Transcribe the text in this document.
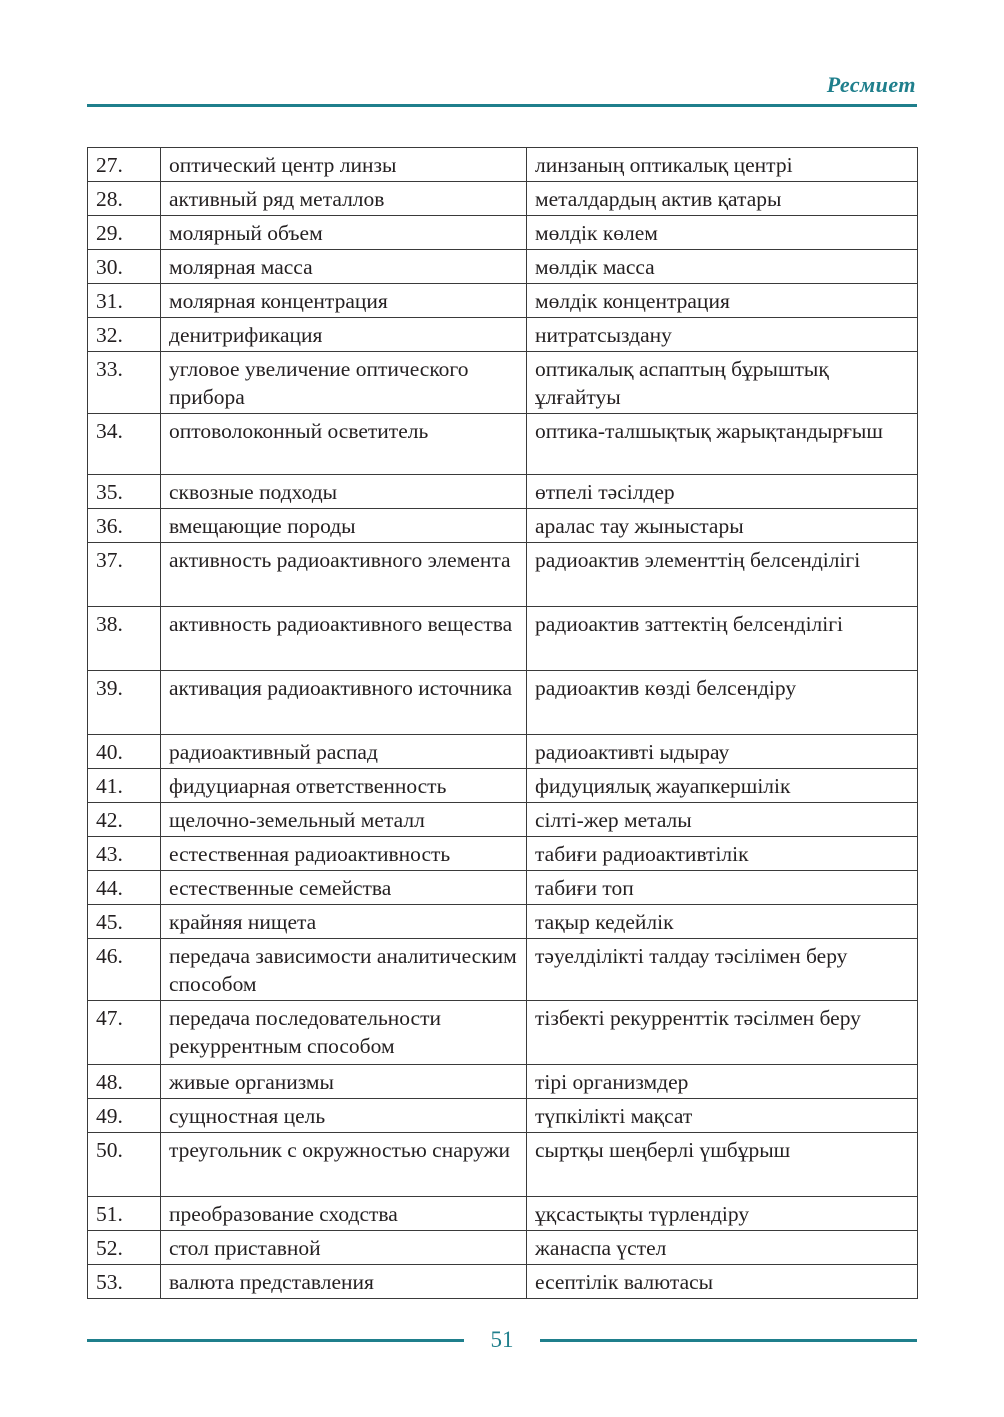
Ресмиет
27.	оптический центр линзы	линзаның оптикалық центрі
28.	активный ряд металлов	металдардың актив қатары
29.	молярный объем	мөлдік көлем
30.	молярная масса	мөлдік масса
31.	молярная концентрация	мөлдік концентрация
32.	денитрификация	нитратсыздану
33.	угловое увеличение оптического прибора	оптикалық аспаптың бұрыштық ұлғайтуы
34.	оптоволоконный осветитель	оптика-талшықтық жарықтандырғыш
35.	сквозные подходы	өтпелі тәсілдер
36.	вмещающие породы	аралас тау жыныстары
37.	активность радиоактивного элемента	радиоактив элементтің белсенділігі
38.	активность радиоактивного вещества	радиоактив заттектің белсенділігі
39.	активация радиоактивного источника	радиоактив көзді белсендіру
40.	радиоактивный распад	радиоактивті ыдырау
41.	фидуциарная ответственность	фидуциялық жауапкершілік
42.	щелочно-земельный металл	сілті-жер металы
43.	естественная радиоактивность	табиғи радиоактивтілік
44.	естественные семейства	табиғи топ
45.	крайняя нищета	тақыр кедейлік
46.	передача зависимости аналитическим способом	тәуелділікті талдау тәсілімен беру
47.	передача последовательности рекуррентным способом	тізбекті рекурренттік тәсілмен беру
48.	живые организмы	тірі организмдер
49.	сущностная цель	түпкілікті мақсат
50.	треугольник с окружностью снаружи	сыртқы шеңберлі үшбұрыш
51.	преобразование сходства	ұқсастықты түрлендіру
52.	стол приставной	жанаспа үстел
53.	валюта представления	есептілік валютасы
51
